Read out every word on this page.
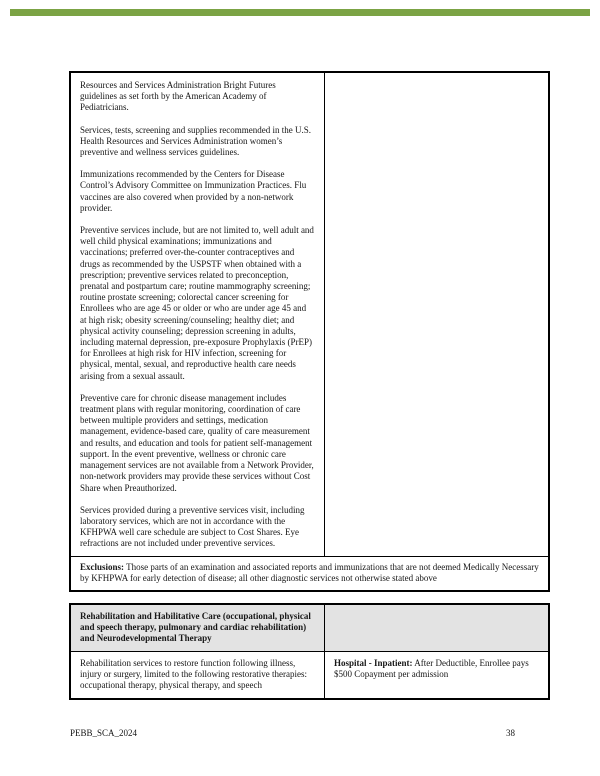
Resources and Services Administration Bright Futures guidelines as set forth by the American Academy of Pediatricians.

Services, tests, screening and supplies recommended in the U.S. Health Resources and Services Administration women’s preventive and wellness services guidelines.

Immunizations recommended by the Centers for Disease Control’s Advisory Committee on Immunization Practices. Flu vaccines are also covered when provided by a non-network provider.

Preventive services include, but are not limited to, well adult and well child physical examinations; immunizations and vaccinations; preferred over-the-counter contraceptives and drugs as recommended by the USPSTF when obtained with a prescription; preventive services related to preconception, prenatal and postpartum care; routine mammography screening; routine prostate screening; colorectal cancer screening for Enrollees who are age 45 or older or who are under age 45 and at high risk; obesity screening/counseling; healthy diet; and physical activity counseling; depression screening in adults, including maternal depression, pre-exposure Prophylaxis (PrEP) for Enrollees at high risk for HIV infection, screening for physical, mental, sexual, and reproductive health care needs arising from a sexual assault.

Preventive care for chronic disease management includes treatment plans with regular monitoring, coordination of care between multiple providers and settings, medication management, evidence-based care, quality of care measurement and results, and education and tools for patient self-management support. In the event preventive, wellness or chronic care management services are not available from a Network Provider, non-network providers may provide these services without Cost Share when Preauthorized.

Services provided during a preventive services visit, including laboratory services, which are not in accordance with the KFHPWA well care schedule are subject to Cost Shares. Eye refractions are not included under preventive services.

Exclusions: Those parts of an examination and associated reports and immunizations that are not deemed Medically Necessary by KFHPWA for early detection of disease; all other diagnostic services not otherwise stated above
Rehabilitation and Habilitative Care (occupational, physical and speech therapy, pulmonary and cardiac rehabilitation) and Neurodevelopmental Therapy
Rehabilitation services to restore function following illness, injury or surgery, limited to the following restorative therapies: occupational therapy, physical therapy, and speech
Hospital - Inpatient: After Deductible, Enrollee pays $500 Copayment per admission
PEBB_SCA_2024	38
